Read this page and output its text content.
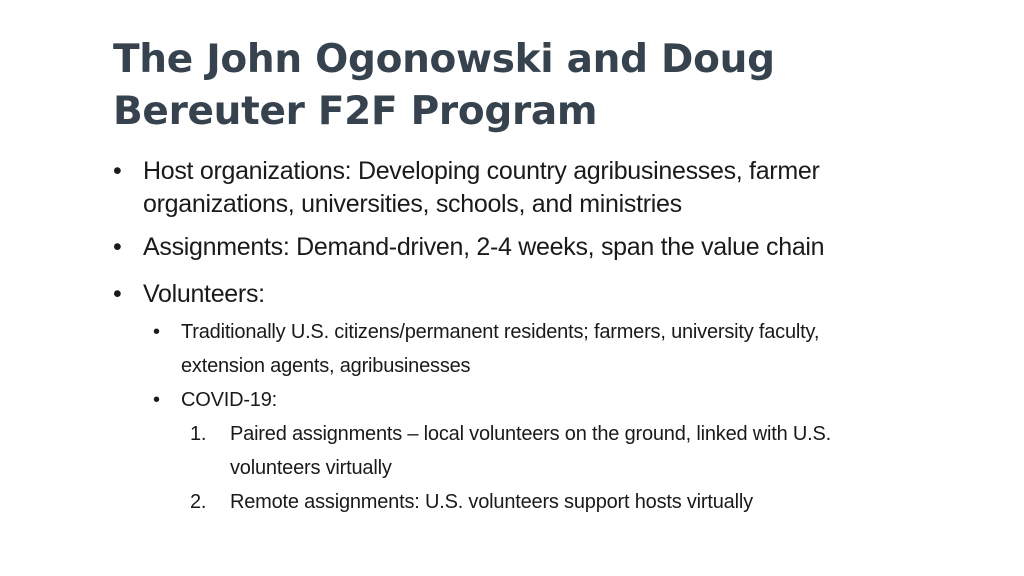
The John Ogonowski and Doug
Bereuter F2F Program
• Host organizations: Developing country agribusinesses, farmer
organizations, universities, schools, and ministries
• Assignments: Demand-driven, 2-4 weeks, span the value chain
• Volunteers:
• Traditionally U.S. citizens/permanent residents; farmers, university faculty,
extension agents, agribusinesses
• COVID-19:
1. Paired assignments – local volunteers on the ground, linked with U.S.
volunteers virtually
2. Remote assignments: U.S. volunteers support hosts virtually
